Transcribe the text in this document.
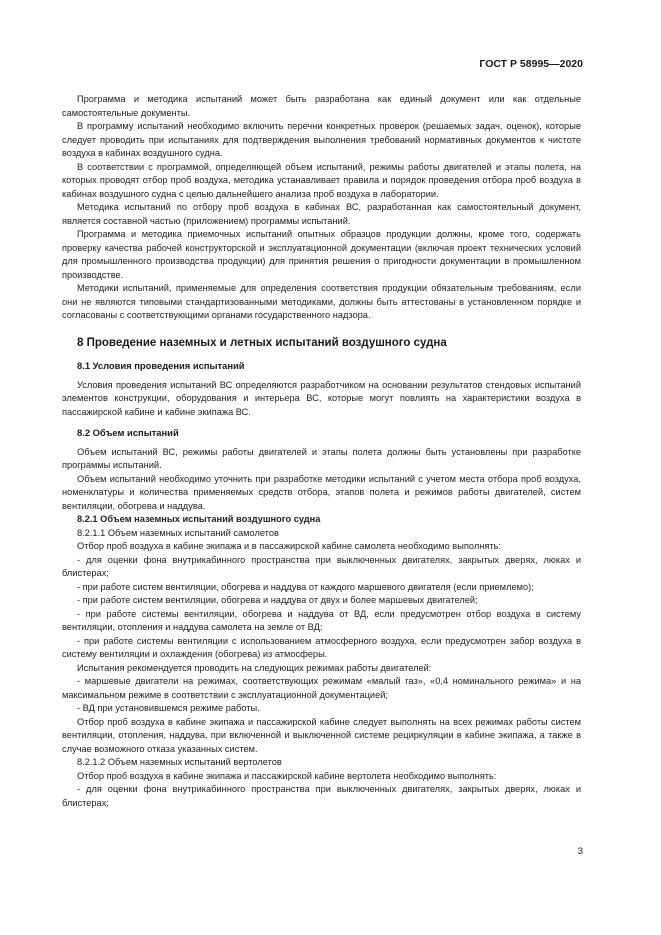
ГОСТ Р 58995—2020

Программа и методика испытаний может быть разработана как единый документ или как отдельные самостоятельные документы.

В программу испытаний необходимо включить перечни конкретных проверок (решаемых задач, оценок), которые следует проводить при испытаниях для подтверждения выполнения требований нормативных документов к чистоте воздуха в кабинах воздушного судна.

В соответствии с программой, определяющей объем испытаний, режимы работы двигателей и этапы полета, на которых проводят отбор проб воздуха, методика устанавливает правила и порядок проведения отбора проб воздуха в кабинах воздушного судна с целью дальнейшего анализа проб воздуха в лаборатории.

Методика испытаний по отбору проб воздуха в кабинах ВС, разработанная как самостоятельный документ, является составной частью (приложением) программы испытаний.

Программа и методика приемочных испытаний опытных образцов продукции должны, кроме того, содержать проверку качества рабочей конструкторской и эксплуатационной документации (включая проект технических условий для промышленного производства продукции) для принятия решения о пригодности документации в промышленном производстве.

Методики испытаний, применяемые для определения соответствия продукции обязательным требованиям, если они не являются типовыми стандартизованными методиками, должны быть аттестованы в установленном порядке и согласованы с соответствующими органами государственного надзора.

8 Проведение наземных и летных испытаний воздушного судна
8.1 Условия проведения испытаний

Условия проведения испытаний ВС определяются разработчиком на основании результатов стендовых испытаний элементов конструкции, оборудования и интерьера ВС, которые могут повлиять на характеристики воздуха в пассажирской кабине и кабине экипажа ВС.

8.2 Объем испытаний

Объем испытаний ВС, режимы работы двигателей и этапы полета должны быть установлены при разработке программы испытаний.

Объем испытаний необходимо уточнить при разработке методики испытаний с учетом места отбора проб воздуха, номенклатуры и количества применяемых средств отбора, этапов полета и режимов работы двигателей, систем вентиляции, обогрева и наддува.

8.2.1 Объем наземных испытаний воздушного судна

8.2.1.1 Объем наземных испытаний самолетов

Отбор проб воздуха в кабине экипажа и в пассажирской кабине самолета необходимо выполнять:

- для оценки фона внутрикабинного пространства при выключенных двигателях, закрытых дверях, люках и блистерах;

- при работе систем вентиляции, обогрева и наддува от каждого маршевого двигателя (если приемлемо);

- при работе систем вентиляции, обогрева и наддува от двух и более маршевых двигателей;

- при работе системы вентиляции, обогрева и наддува от ВД, если предусмотрен отбор воздуха в систему вентиляции, отопления и наддува самолета на земле от ВД;

- при работе системы вентиляции с использованием атмосферного воздуха, если предусмотрен забор воздуха в систему вентиляции и охлаждения (обогрева) из атмосферы.

Испытания рекомендуется проводить на следующих режимах работы двигателей:

- маршевые двигатели на режимах, соответствующих режимам «малый газ», «0,4 номинального режима» и на максимальном режиме в соответствии с эксплуатационной документацией;

- ВД при установившемся режиме работы.

Отбор проб воздуха в кабине экипажа и пассажирской кабине следует выполнять на всех режимах работы систем вентиляции, отопления, наддува, при включенной и выключенной системе рециркуляции в кабине экипажа, а также в случае возможного отказа указанных систем.

8.2.1.2 Объем наземных испытаний вертолетов

Отбор проб воздуха в кабине экипажа и пассажирской кабине вертолета необходимо выполнять:

- для оценки фона внутрикабинного пространства при выключенных двигателях, закрытых дверях, люках и блистерах;

3
